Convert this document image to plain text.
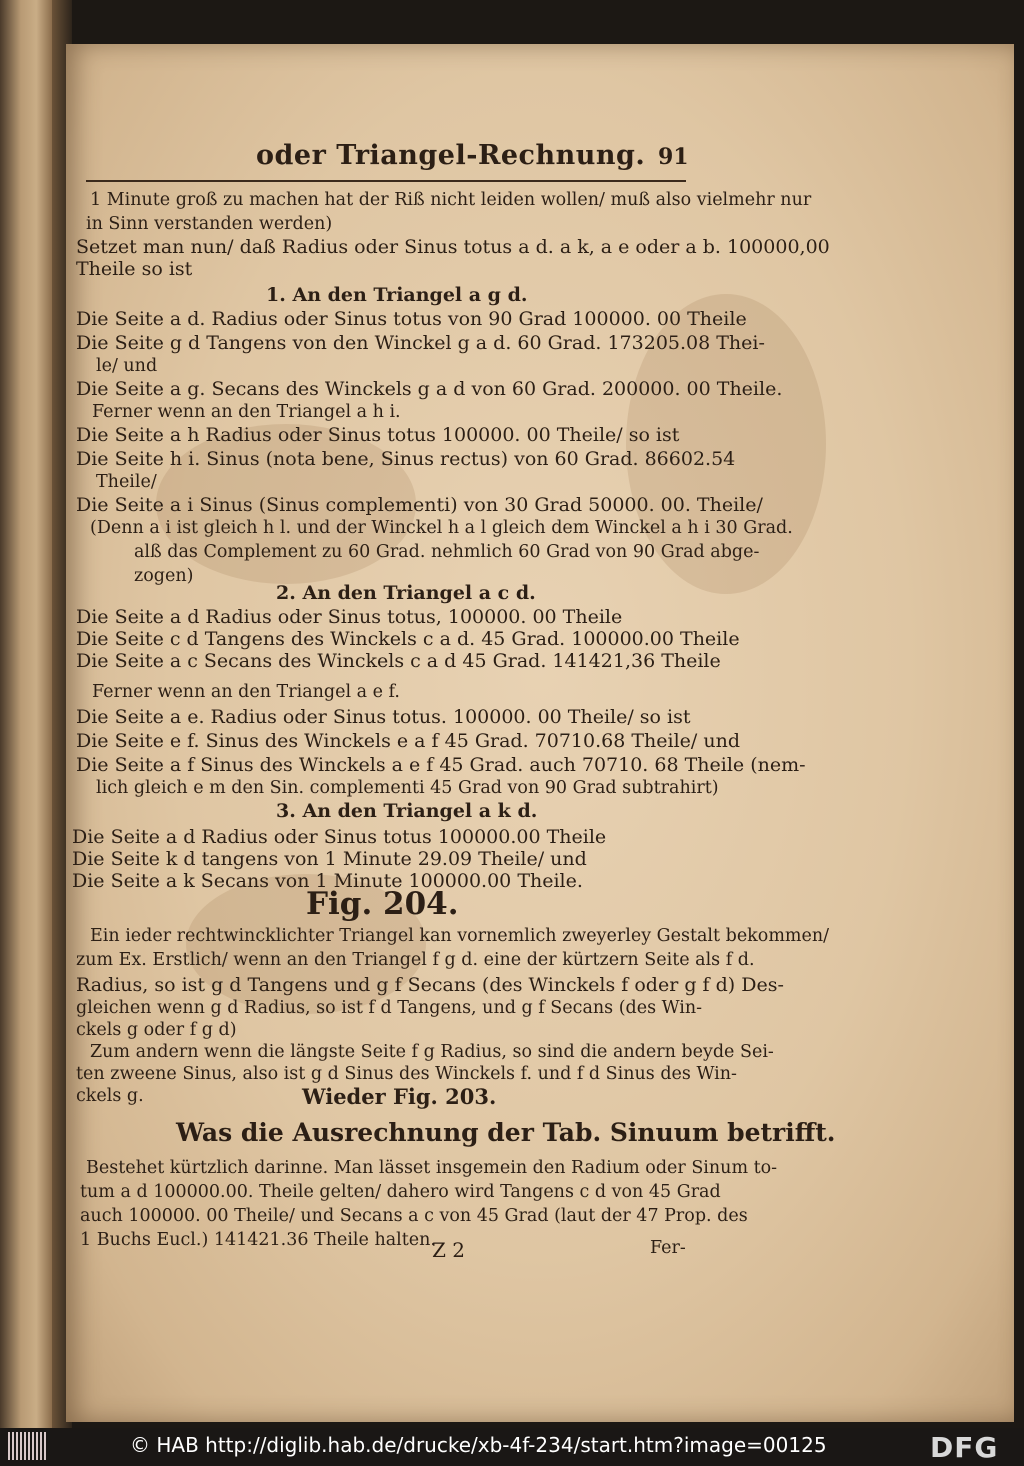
oder Triangel-Rechnung. 91
1 Minute groß zu machen hat der Riß nicht leiden wollen/ muß also vielmehr nur
in Sinn verstanden werden)
Setzet man nun/ daß Radius oder Sinus totus a d. a k, a e oder a b. 100000,00
Theile so ist
1. An den Triangel a g d.
Die Seite a d. Radius oder Sinus totus von 90 Grad 100000. 00 Theile
Die Seite g d Tangens von den Winckel g a d. 60 Grad. 173205.08 Thei-
le/ und
Die Seite a g. Secans des Winckels g a d von 60 Grad. 200000. 00 Theile.
Ferner wenn an den Triangel a h i.
Die Seite a h Radius oder Sinus totus 100000. 00 Theile/ so ist
Die Seite h i. Sinus (nota bene, Sinus rectus) von 60 Grad. 86602.54
Theile/
Die Seite a i Sinus (Sinus complementi) von 30 Grad 50000. 00. Theile/
(Denn a i ist gleich h l. und der Winckel h a l gleich dem Winckel a h i 30 Grad.
alß das Complement zu 60 Grad. nehmlich 60 Grad von 90 Grad abge-
zogen)
2. An den Triangel a c d.
Die Seite a d Radius oder Sinus totus, 100000. 00 Theile
Die Seite c d Tangens des Winckels c a d. 45 Grad. 100000.00 Theile
Die Seite a c Secans des Winckels c a d 45 Grad. 141421,36 Theile
Ferner wenn an den Triangel a e f.
Die Seite a e. Radius oder Sinus totus. 100000. 00 Theile/ so ist
Die Seite e f. Sinus des Winckels e a f 45 Grad. 70710.68 Theile/ und
Die Seite a f Sinus des Winckels a e f 45 Grad. auch 70710. 68 Theile (nem-
lich gleich e m den Sin. complementi 45 Grad von 90 Grad subtrahirt)
3. An den Triangel a k d.
Die Seite a d Radius oder Sinus totus 100000.00 Theile
Die Seite k d tangens von 1 Minute 29.09 Theile/ und
Die Seite a k Secans von 1 Minute 100000.00 Theile.
Fig. 204.
Ein ieder rechtwincklichter Triangel kan vornemlich zweyerley Gestalt bekommen/
zum Ex. Erstlich/ wenn an den Triangel f g d. eine der kürtzern Seite als f d.
Radius, so ist g d Tangens und g f Secans (des Winckels f oder g f d) Des-
gleichen wenn g d Radius, so ist f d Tangens, und g f Secans (des Win-
ckels g oder f g d)
Zum andern wenn die längste Seite f g Radius, so sind die andern beyde Sei-
ten zweene Sinus, also ist g d Sinus des Winckels f. und f d Sinus des Win-
ckels g.	Wieder Fig. 203.
Was die Ausrechnung der Tab. Sinuum betrifft.
Bestehet kürtzlich darinne. Man lässet insgemein den Radium oder Sinum to-
tum a d 100000.00. Theile gelten/ dahero wird Tangens c d von 45 Grad
auch 100000. 00 Theile/ und Secans a c von 45 Grad (laut der 47 Prop. des
1 Buchs Eucl.) 141421.36 Theile halten.
Z 2	Fer-
© HAB http://diglib.hab.de/drucke/xb-4f-234/start.htm?image=00125	DFG
